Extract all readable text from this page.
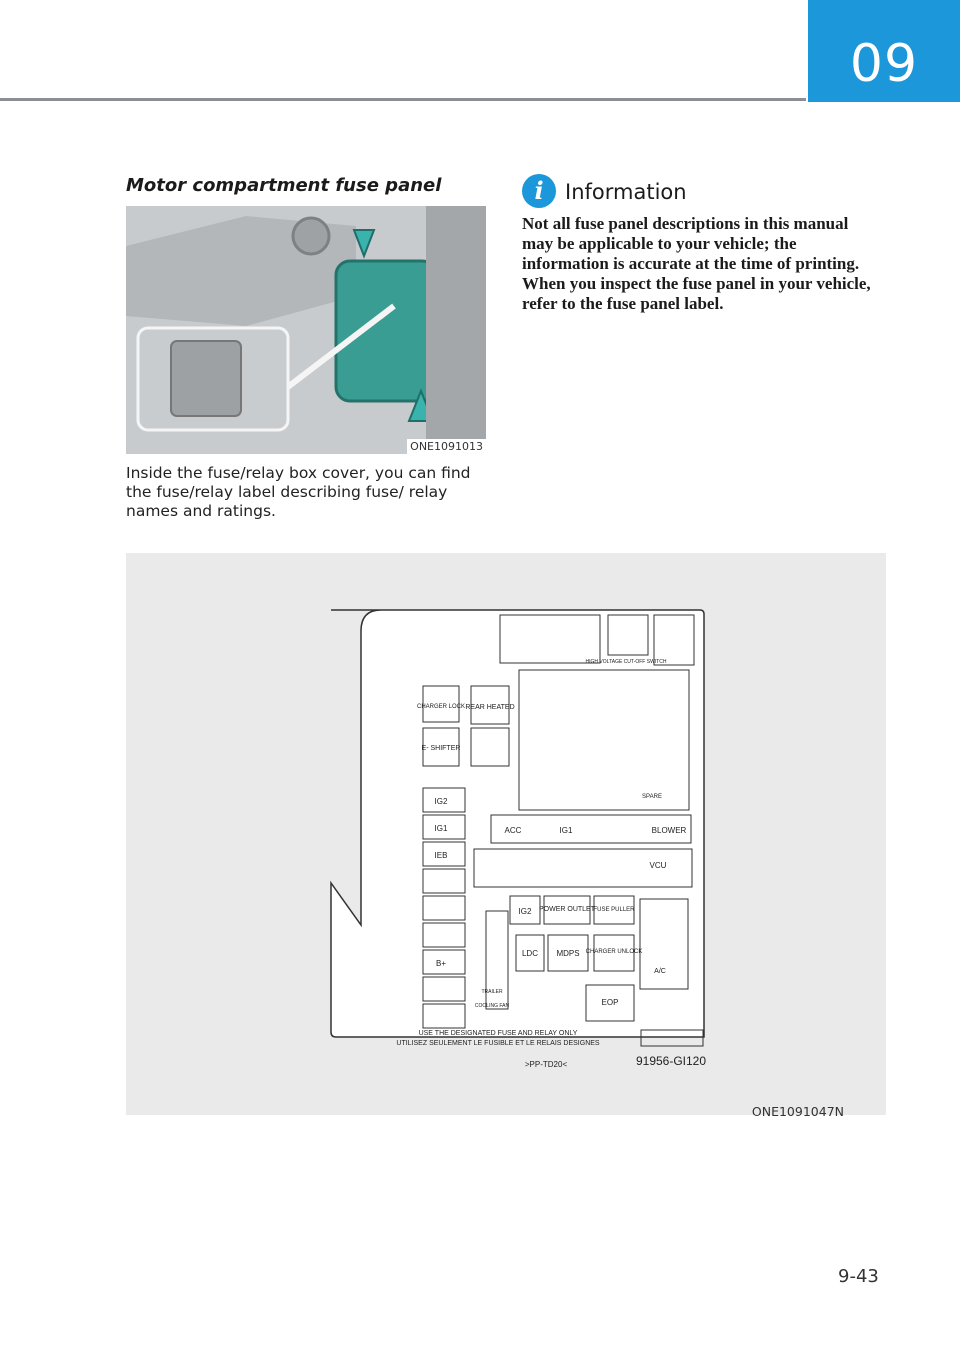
09
Motor compartment fuse panel
ONE1091013
Inside the fuse/relay box cover, you can find the fuse/relay label describing fuse/ relay names and ratings.
i	Information
Not all fuse panel descriptions in this manual may be applicable to your vehicle; the information is accurate at the time of printing. When you inspect the fuse panel in your vehicle, refer to the fuse panel label.
HIGH VOLTAGE CUT-OFF SWITCH
CHARGER LOCK REAR HEATED
E- SHIFTER
IG2
IG1
IEB
B+
ACC	IG1	BLOWER
VCU
IG2 POWER OUTLET
FUSE PULLER
LDC MDPS CHARGER UNLOCK
EOP
A/C
TRAILER
COOLING FAN
SPARE
USE THE DESIGNATED FUSE AND RELAY ONLY
UTILISEZ SEULEMENT LE FUSIBLE ET LE RELAIS DESIGNES
91956-GI120
>PP-TD20<
ONE1091047N
9-43
